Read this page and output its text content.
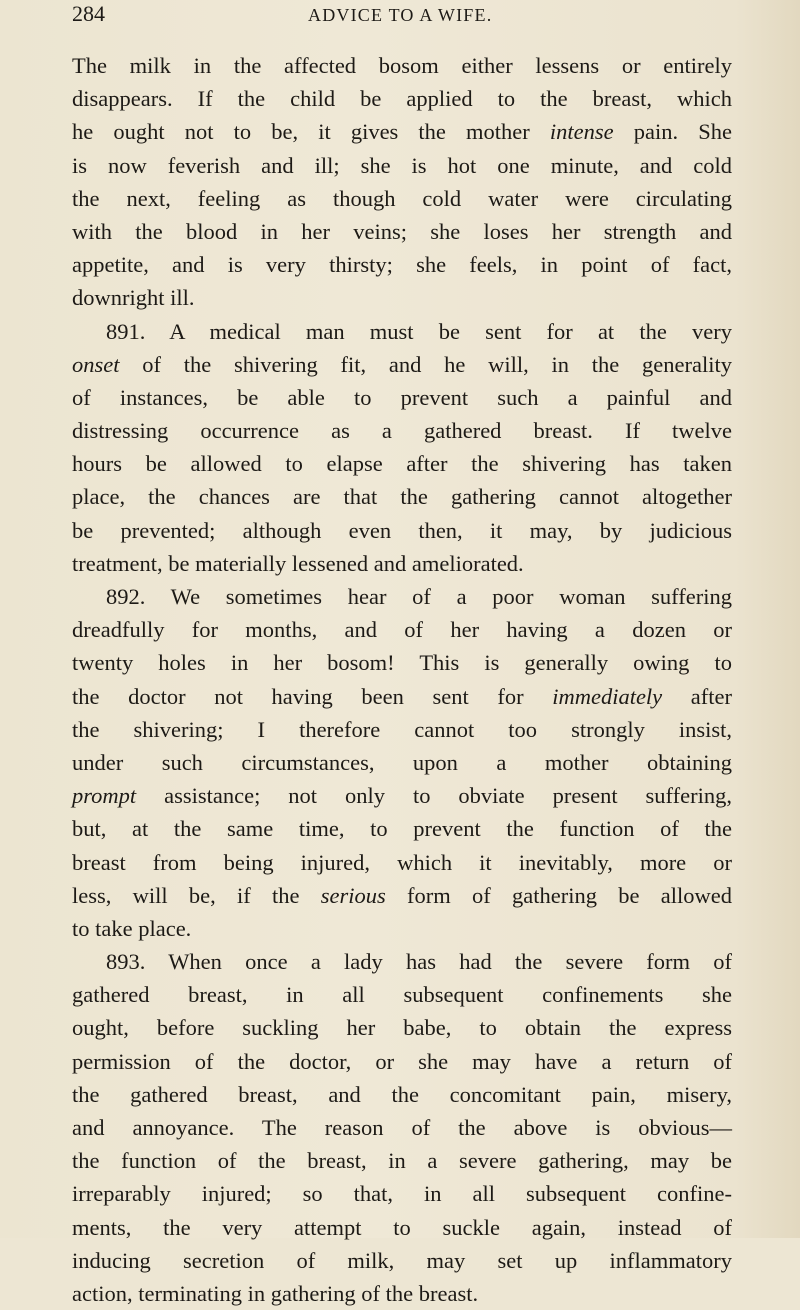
284	ADVICE TO A WIFE.
The milk in the affected bosom either lessens or entirely
disappears. If the child be applied to the breast, which
he ought not to be, it gives the mother intense pain. She
is now feverish and ill; she is hot one minute, and cold
the next, feeling as though cold water were circulating
with the blood in her veins; she loses her strength and
appetite, and is very thirsty; she feels, in point of fact,
downright ill.
891. A medical man must be sent for at the very
onset of the shivering fit, and he will, in the generality
of instances, be able to prevent such a painful and
distressing occurrence as a gathered breast. If twelve
hours be allowed to elapse after the shivering has taken
place, the chances are that the gathering cannot altogether
be prevented; although even then, it may, by judicious
treatment, be materially lessened and ameliorated.
892. We sometimes hear of a poor woman suffering
dreadfully for months, and of her having a dozen or
twenty holes in her bosom! This is generally owing to
the doctor not having been sent for immediately after
the shivering; I therefore cannot too strongly insist,
under such circumstances, upon a mother obtaining
prompt assistance; not only to obviate present suffering,
but, at the same time, to prevent the function of the
breast from being injured, which it inevitably, more or
less, will be, if the serious form of gathering be allowed
to take place.
893. When once a lady has had the severe form of
gathered breast, in all subsequent confinements she
ought, before suckling her babe, to obtain the express
permission of the doctor, or she may have a return of
the gathered breast, and the concomitant pain, misery,
and annoyance. The reason of the above is obvious—
the function of the breast, in a severe gathering, may be
irreparably injured; so that, in all subsequent confine-
ments, the very attempt to suckle again, instead of
inducing secretion of milk, may set up inflammatory
action, terminating in gathering of the breast.
